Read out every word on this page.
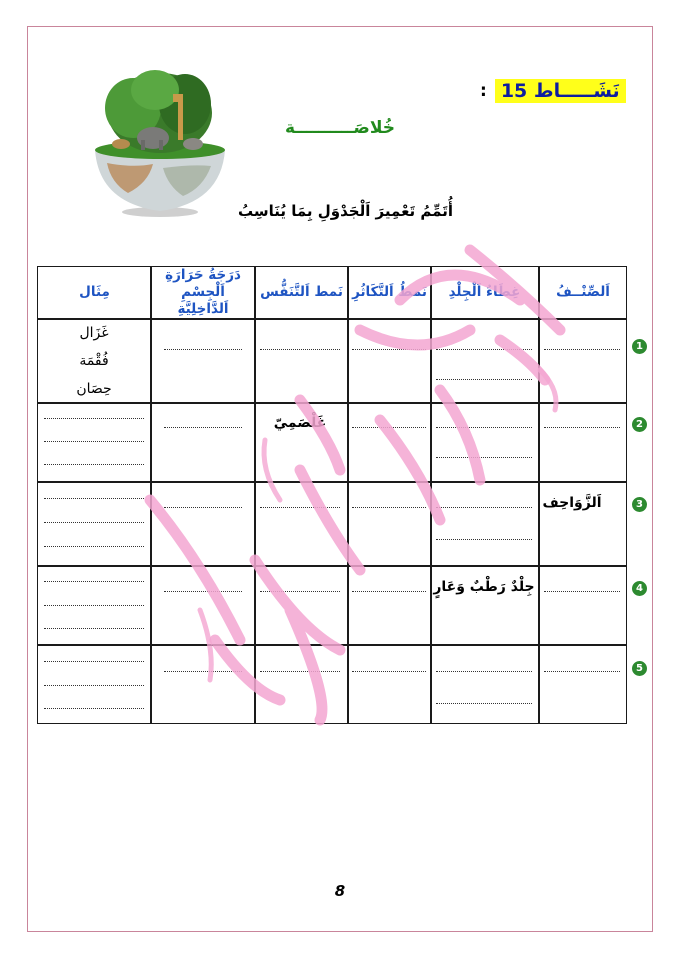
نَشَـــــاط 15
:
خُلاصَــــــــــة
أُتَمِّمُ تَعْمِيرَ اَلْجَدْوَلِ بِمَا يُنَاسِبُ
اَلصِّنْــفُ
غِطَاءُ اَلْجِلْدِ
نَمطُ اَلتَّكَاثُرِ
نَمط اَلتَّنَفُّس
دَرَجَةُ حَرَارَةِ اَلْجِسْمِ اَلدَّاخِلِيَّةِ
مِثَال
غَزَال
فُقْمَة
حِصَان
غَلْصَمِيّ
اَلزَّوَاحِف
جِلْدٌ رَطْبٌ وَعَارٍ
1
2
3
4
5
8
